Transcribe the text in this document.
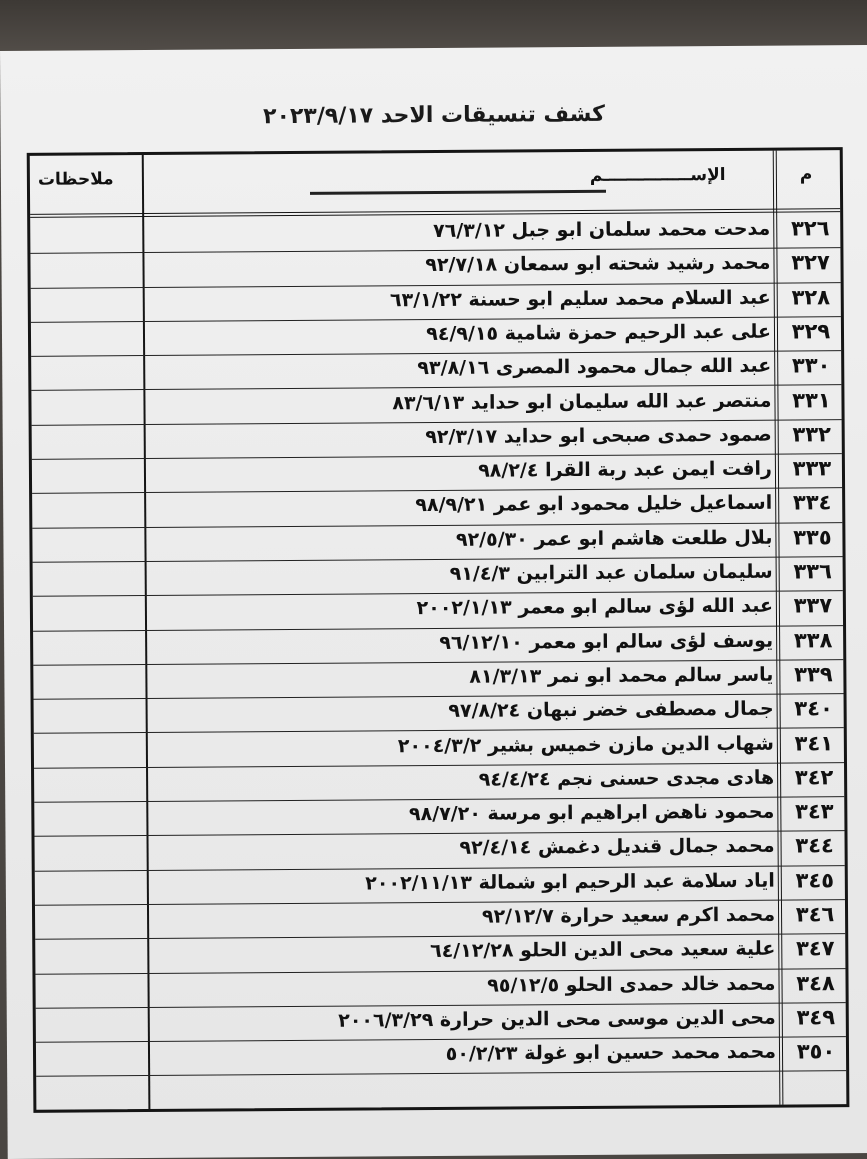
كشف تنسيقات الاحد ٢٠٢٣/٩/١٧
ملاحظات	الإســـــــــــــــم	م
مدحت محمد سلمان ابو جبل ٧٦/٣/١٢ ٣٢٦
محمد رشيد شحته ابو سمعان ٩٢/٧/١٨ ٣٢٧
عبد السلام محمد سليم ابو حسنة ٦٣/١/٢٢ ٣٢٨
على عبد الرحيم حمزة شامية ٩٤/٩/١٥ ٣٢٩
عبد الله جمال محمود المصرى ٩٣/٨/١٦ ٣٣٠
منتصر عبد الله سليمان ابو حدايد ٨٣/٦/١٣ ٣٣١
صمود حمدى صبحى ابو حدايد ٩٢/٣/١٧ ٣٣٢
رافت ايمن عبد ربة القرا ٩٨/٢/٤ ٣٣٣
اسماعيل خليل محمود ابو عمر ٩٨/٩/٢١ ٣٣٤
بلال طلعت هاشم ابو عمر ٩٢/٥/٣٠ ٣٣٥
سليمان سلمان عبد الترابين ٩١/٤/٣ ٣٣٦
عبد الله لؤى سالم ابو معمر ٢٠٠٢/١/١٣ ٣٣٧
يوسف لؤى سالم ابو معمر ٩٦/١٢/١٠ ٣٣٨
ياسر سالم محمد ابو نمر ٨١/٣/١٣ ٣٣٩
جمال مصطفى خضر نبهان ٩٧/٨/٢٤ ٣٤٠
شهاب الدين مازن خميس بشير ٢٠٠٤/٣/٢ ٣٤١
هادى مجدى حسنى نجم ٩٤/٤/٢٤ ٣٤٢
محمود ناهض ابراهيم ابو مرسة ٩٨/٧/٢٠ ٣٤٣
محمد جمال قنديل دغمش ٩٢/٤/١٤ ٣٤٤
اياد سلامة عبد الرحيم ابو شمالة ٢٠٠٢/١١/١٣ ٣٤٥
محمد اكرم سعيد حرارة ٩٢/١٢/٧ ٣٤٦
علية سعيد محى الدين الحلو ٦٤/١٢/٢٨ ٣٤٧
محمد خالد حمدى الحلو ٩٥/١٢/٥ ٣٤٨
محى الدين موسى محى الدين حرارة ٢٠٠٦/٣/٢٩ ٣٤٩
محمد محمد حسين ابو غولة ٥٠/٢/٢٣ ٣٥٠
